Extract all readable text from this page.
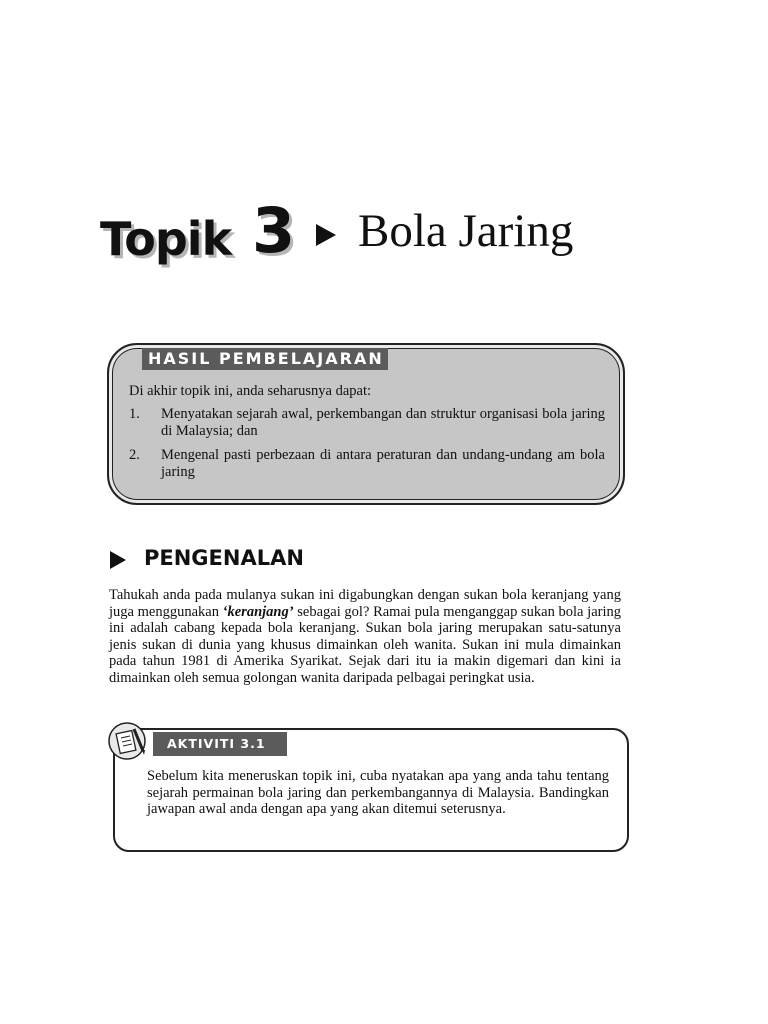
Topik 3 Bola Jaring
HASIL PEMBELAJARAN
Di akhir topik ini, anda seharusnya dapat:
1. Menyatakan sejarah awal, perkembangan dan struktur organisasi bola jaring di Malaysia; dan
2. Mengenal pasti perbezaan di antara peraturan dan undang-undang am bola jaring
PENGENALAN

Tahukah anda pada mulanya sukan ini digabungkan dengan sukan bola keranjang yang juga menggunakan ‘keranjang’ sebagai gol? Ramai pula menganggap sukan bola jaring ini adalah cabang kepada bola keranjang. Sukan bola jaring merupakan satu-satunya jenis sukan di dunia yang khusus dimainkan oleh wanita. Sukan ini mula dimainkan pada tahun 1981 di Amerika Syarikat. Sejak dari itu ia makin digemari dan kini ia dimainkan oleh semua golongan wanita daripada pelbagai peringkat usia.

AKTIVITI 3.1

Sebelum kita meneruskan topik ini, cuba nyatakan apa yang anda tahu tentang sejarah permainan bola jaring dan perkembangannya di Malaysia. Bandingkan jawapan awal anda dengan apa yang akan ditemui seterusnya.
